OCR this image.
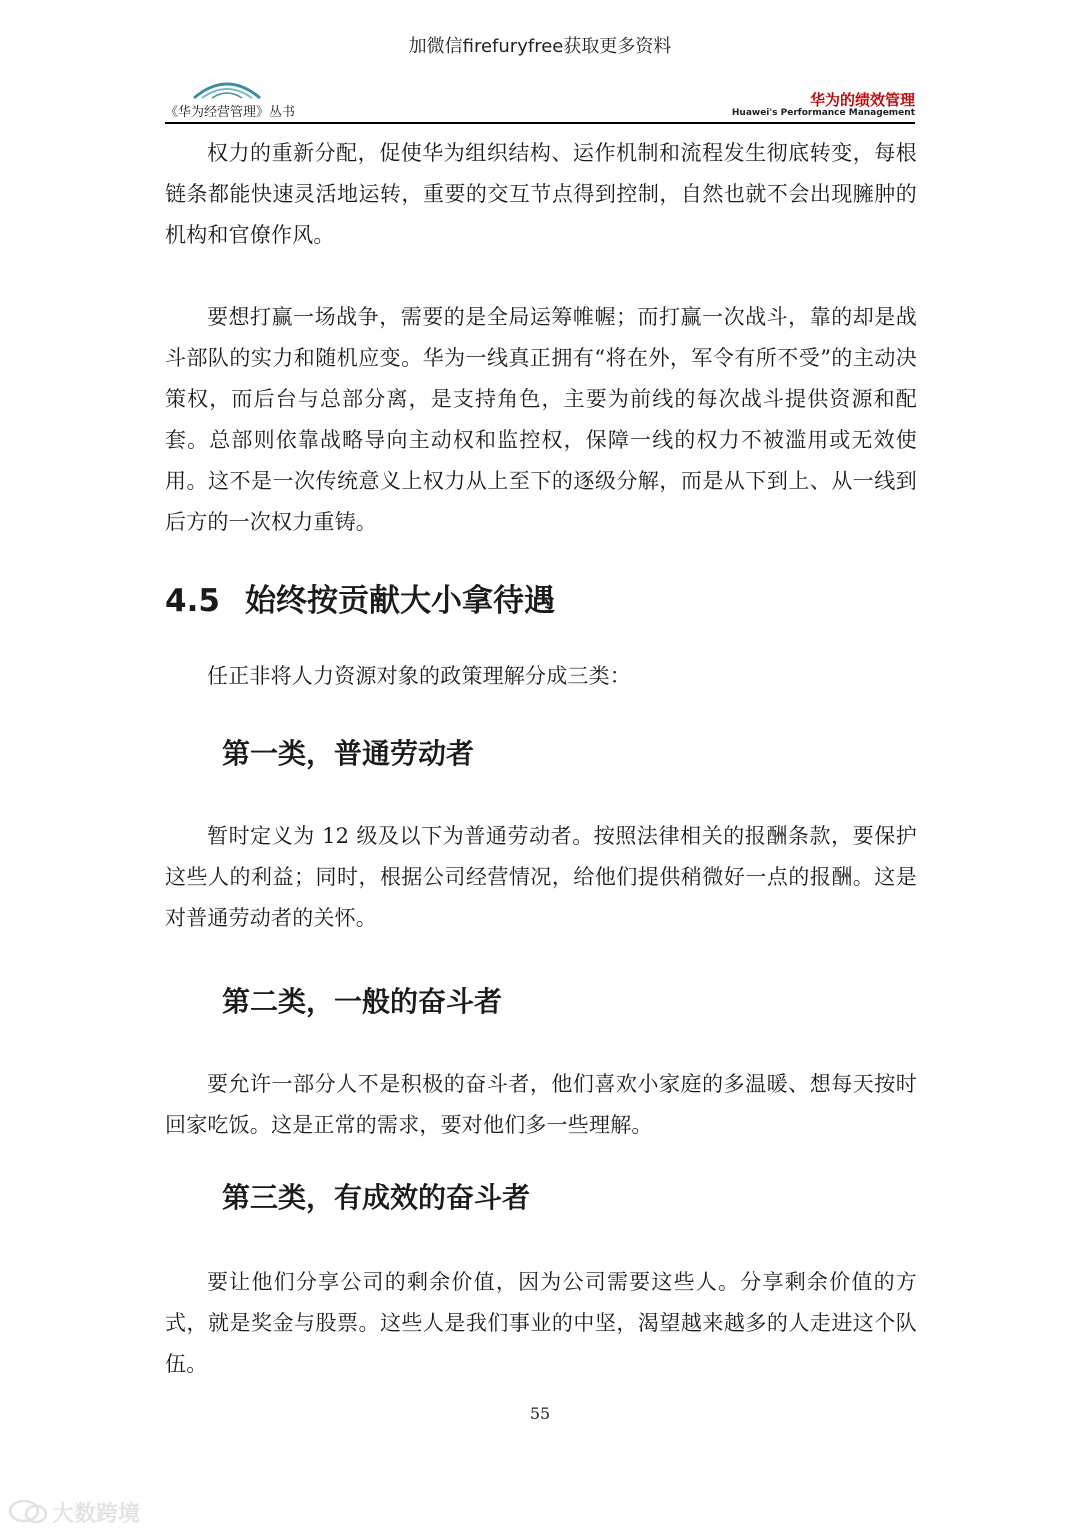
加微信firefuryfree获取更多资料
《华为经营管理》丛书
华为的绩效管理
Huawei's Performance Management

权力的重新分配，促使华为组织结构、运作机制和流程发生彻底转变，每根链条都能快速灵活地运转，重要的交互节点得到控制，自然也就不会出现臃肿的机构和官僚作风。

要想打赢一场战争，需要的是全局运筹帷幄；而打赢一次战斗，靠的却是战斗部队的实力和随机应变。华为一线真正拥有“将在外，军令有所不受”的主动决策权，而后台与总部分离，是支持角色，主要为前线的每次战斗提供资源和配套。总部则依靠战略导向主动权和监控权，保障一线的权力不被滥用或无效使用。这不是一次传统意义上权力从上至下的逐级分解，而是从下到上、从一线到后方的一次权力重铸。

4.5 始终按贡献大小拿待遇

任正非将人力资源对象的政策理解分成三类：

第一类，普通劳动者

暂时定义为 12 级及以下为普通劳动者。按照法律相关的报酬条款，要保护这些人的利益；同时，根据公司经营情况，给他们提供稍微好一点的报酬。这是对普通劳动者的关怀。

第二类，一般的奋斗者

要允许一部分人不是积极的奋斗者，他们喜欢小家庭的多温暖、想每天按时回家吃饭。这是正常的需求，要对他们多一些理解。

第三类，有成效的奋斗者

要让他们分享公司的剩余价值，因为公司需要这些人。分享剩余价值的方式，就是奖金与股票。这些人是我们事业的中坚，渴望越来越多的人走进这个队伍。

55
大数跨境
